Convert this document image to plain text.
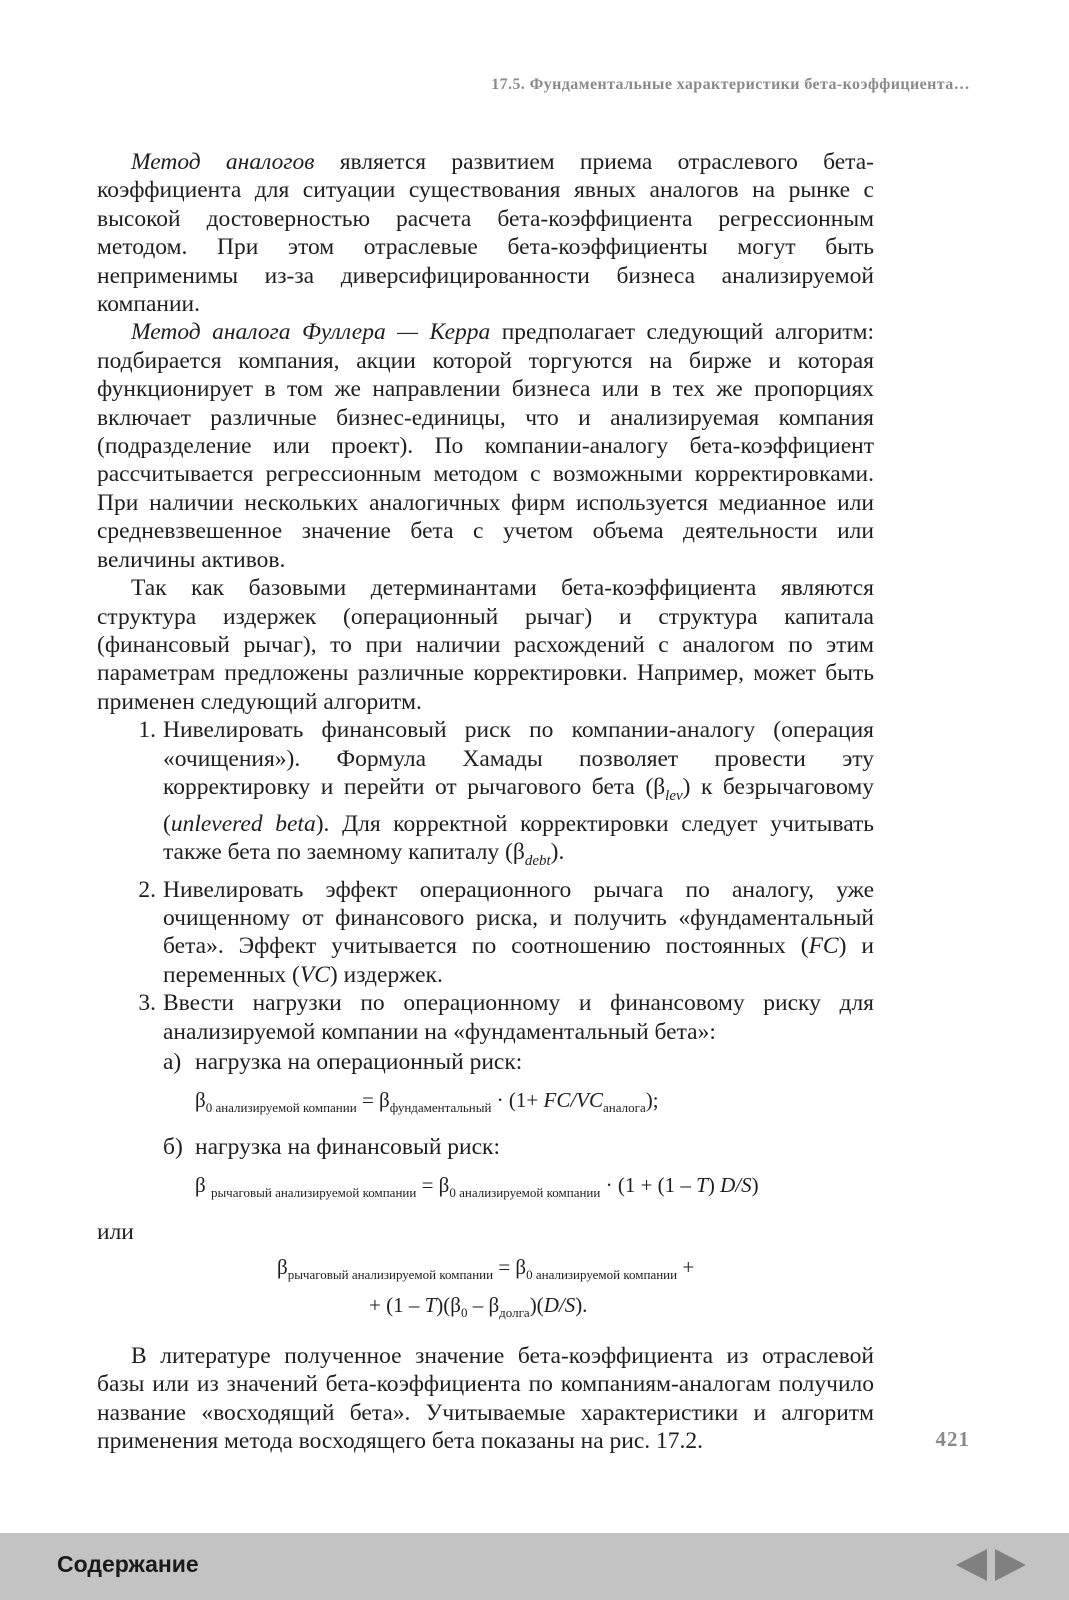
17.5. Фундаментальные характеристики бета-коэффициента…

Метод аналогов является развитием приема отраслевого бета-коэффициента для ситуации существования явных аналогов на рынке с высокой достоверностью расчета бета-коэффициента регрессионным методом. При этом отраслевые бета-коэффициенты могут быть неприменимы из-за диверсифицированности бизнеса анализируемой компании.

Метод аналога Фуллера — Керра предполагает следующий алгоритм: подбирается компания, акции которой торгуются на бирже и которая функционирует в том же направлении бизнеса или в тех же пропорциях включает различные бизнес-единицы, что и анализируемая компания (подразделение или проект). По компании-аналогу бета-коэффициент рассчитывается регрессионным методом с возможными корректировками. При наличии нескольких аналогичных фирм используется медианное или средневзвешенное значение бета с учетом объема деятельности или величины активов.

Так как базовыми детерминантами бета-коэффициента являются структура издержек (операционный рычаг) и структура капитала (финансовый рычаг), то при наличии расхождений с аналогом по этим параметрам предложены различные корректировки. Например, может быть применен следующий алгоритм.

1. Нивелировать финансовый риск по компании-аналогу (операция «очищения»). Формула Хамады позволяет провести эту корректировку и перейти от рычагового бета $(\beta_{lev})$ к безрычаговому (unlevered beta). Для корректной корректировки следует учитывать также бета по заемному капиталу $(\beta_{debt})$.
2. Нивелировать эффект операционного рычага по аналогу, уже очищенному от финансового риска, и получить «фундаментальный бета». Эффект учитывается по соотношению постоянных (FC) и переменных (VC) издержек.
3. Ввести нагрузки по операционному и финансовому риску для анализируемой компании на «фундаментальный бета»:
а) нагрузка на операционный риск:
$\beta_{0 анализируемой компании} = \beta_{фундаментальный} \cdot (1+ FC/VC_{аналога})$;
б) нагрузка на финансовый риск:
β $_{рычаговый анализируемой компании} = \beta_{0 анализируемой компании} \cdot (1 + (1 - T)$ D/S)

или

$\beta_{рычаговый анализируемой компании} = \beta_{0 анализируемой компании}$ +
+ $(1 - T)(\beta_0 - \beta_{долга})(D/S)$.

В литературе полученное значение бета-коэффициента из отраслевой базы или из значений бета-коэффициента по компаниям-аналогам получило название «восходящий бета». Учитываемые характеристики и алгоритм применения метода восходящего бета показаны на рис. 17.2.	421
Содержание
